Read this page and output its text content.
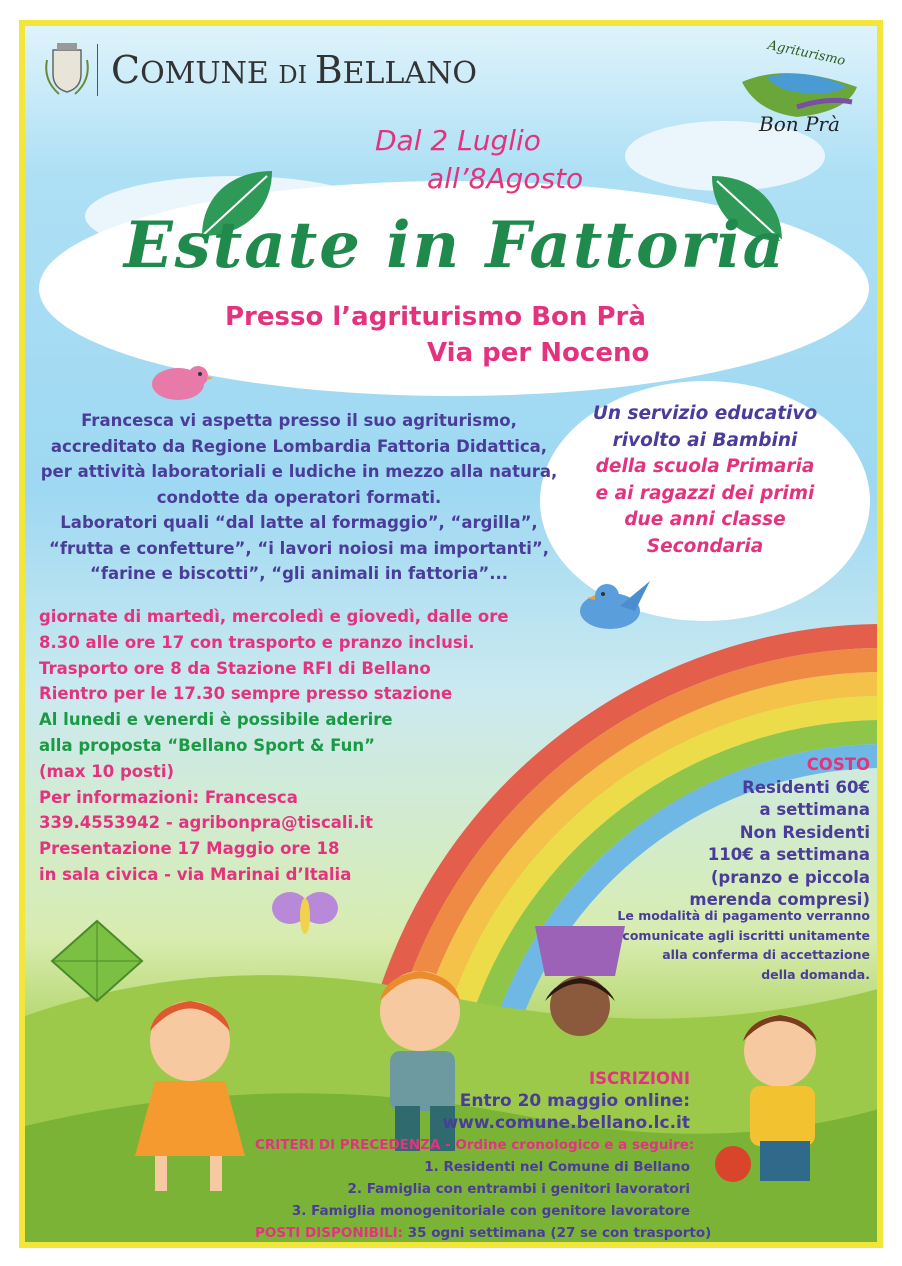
COMUNE DI BELLANO
Agriturismo
Bon Prà
Dal 2 Luglio
all’8Agosto
Estate in Fattoria
Presso l’agriturismo Bon Prà
Via per Noceno
Francesca vi aspetta presso il suo agriturismo,
accreditato da Regione Lombardia Fattoria Didattica,
per attività laboratoriali e ludiche in mezzo alla natura,
condotte da operatori formati.
Laboratori quali “dal latte al formaggio”, “argilla”,
“frutta e confetture”, “i lavori noiosi ma importanti”,
“farine e biscotti”, “gli animali in fattoria”...
Un servizio educativo
rivolto ai Bambini
della scuola Primaria
e ai ragazzi dei primi
due anni classe
Secondaria
giornate di martedì, mercoledì e giovedì, dalle ore
8.30 alle ore 17 con trasporto e pranzo inclusi.
Trasporto ore 8 da Stazione RFI di Bellano
Rientro per le 17.30 sempre presso stazione
Al lunedi e venerdi è possibile aderire
alla proposta “Bellano Sport & Fun”
(max 10 posti)
Per informazioni: Francesca
339.4553942 - agribonpra@tiscali.it
Presentazione 17 Maggio ore 18
in sala civica - via Marinai d’Italia
COSTO
Residenti 60€
a settimana
Non Residenti
110€ a settimana
(pranzo e piccola
merenda compresi)
Le modalità di pagamento verranno
comunicate agli iscritti unitamente
alla conferma di accettazione
della domanda.
ISCRIZIONI
Entro 20 maggio online:
www.comune.bellano.lc.it
CRITERI DI PRECEDENZA - Ordine cronologico e a seguire:
1. Residenti nel Comune di Bellano
2. Famiglia con entrambi i genitori lavoratori
3. Famiglia monogenitoriale con genitore lavoratore
POSTI DISPONIBILI: 35 ogni settimana (27 se con trasporto)
